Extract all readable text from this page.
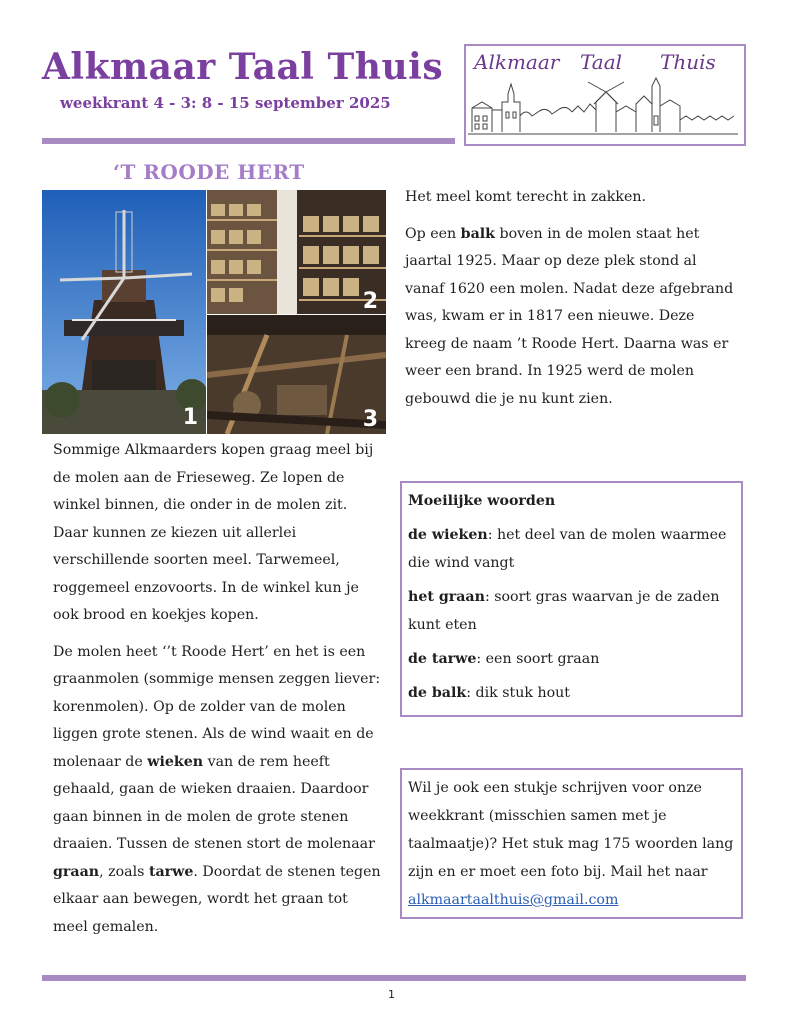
Alkmaar Taal Thuis
weekkrant 4 - 3: 8 - 15 september 2025
Alkmaar Taal Thuis
‘T ROODE HERT
1
2
3

Sommige Alkmaarders kopen graag meel bij de molen aan de Frieseweg. Ze lopen de winkel binnen, die onder in de molen zit. Daar kunnen ze kiezen uit allerlei verschillende soorten meel. Tarwemeel, roggemeel enzovoorts. In de winkel kun je ook brood en koekjes kopen.

De molen heet ‘’t Roode Hert’ en het is een graanmolen (sommige mensen zeggen liever: korenmolen). Op de zolder van de molen liggen grote stenen. Als de wind waait en de molenaar de wieken van de rem heeft gehaald, gaan de wieken draaien. Daardoor gaan binnen in de molen de grote stenen draaien. Tussen de stenen stort de molenaar graan, zoals tarwe. Doordat de stenen tegen elkaar aan bewegen, wordt het graan tot meel gemalen.

Het meel komt terecht in zakken.

Op een balk boven in de molen staat het jaartal 1925. Maar op deze plek stond al vanaf 1620 een molen. Nadat deze afgebrand was, kwam er in 1817 een nieuwe. Deze kreeg de naam ’t Roode Hert. Daarna was er weer een brand. In 1925 werd de molen gebouwd die je nu kunt zien.

Moeilijke woorden
de wieken: het deel van de molen waarmee die wind vangt
het graan: soort gras waarvan je de zaden kunt eten
de tarwe: een soort graan
de balk: dik stuk hout
Wil je ook een stukje schrijven voor onze weekkrant (misschien samen met je taalmaatje)? Het stuk mag 175 woorden lang zijn en er moet een foto bij. Mail het naar alkmaartaalthuis@gmail.com
1
